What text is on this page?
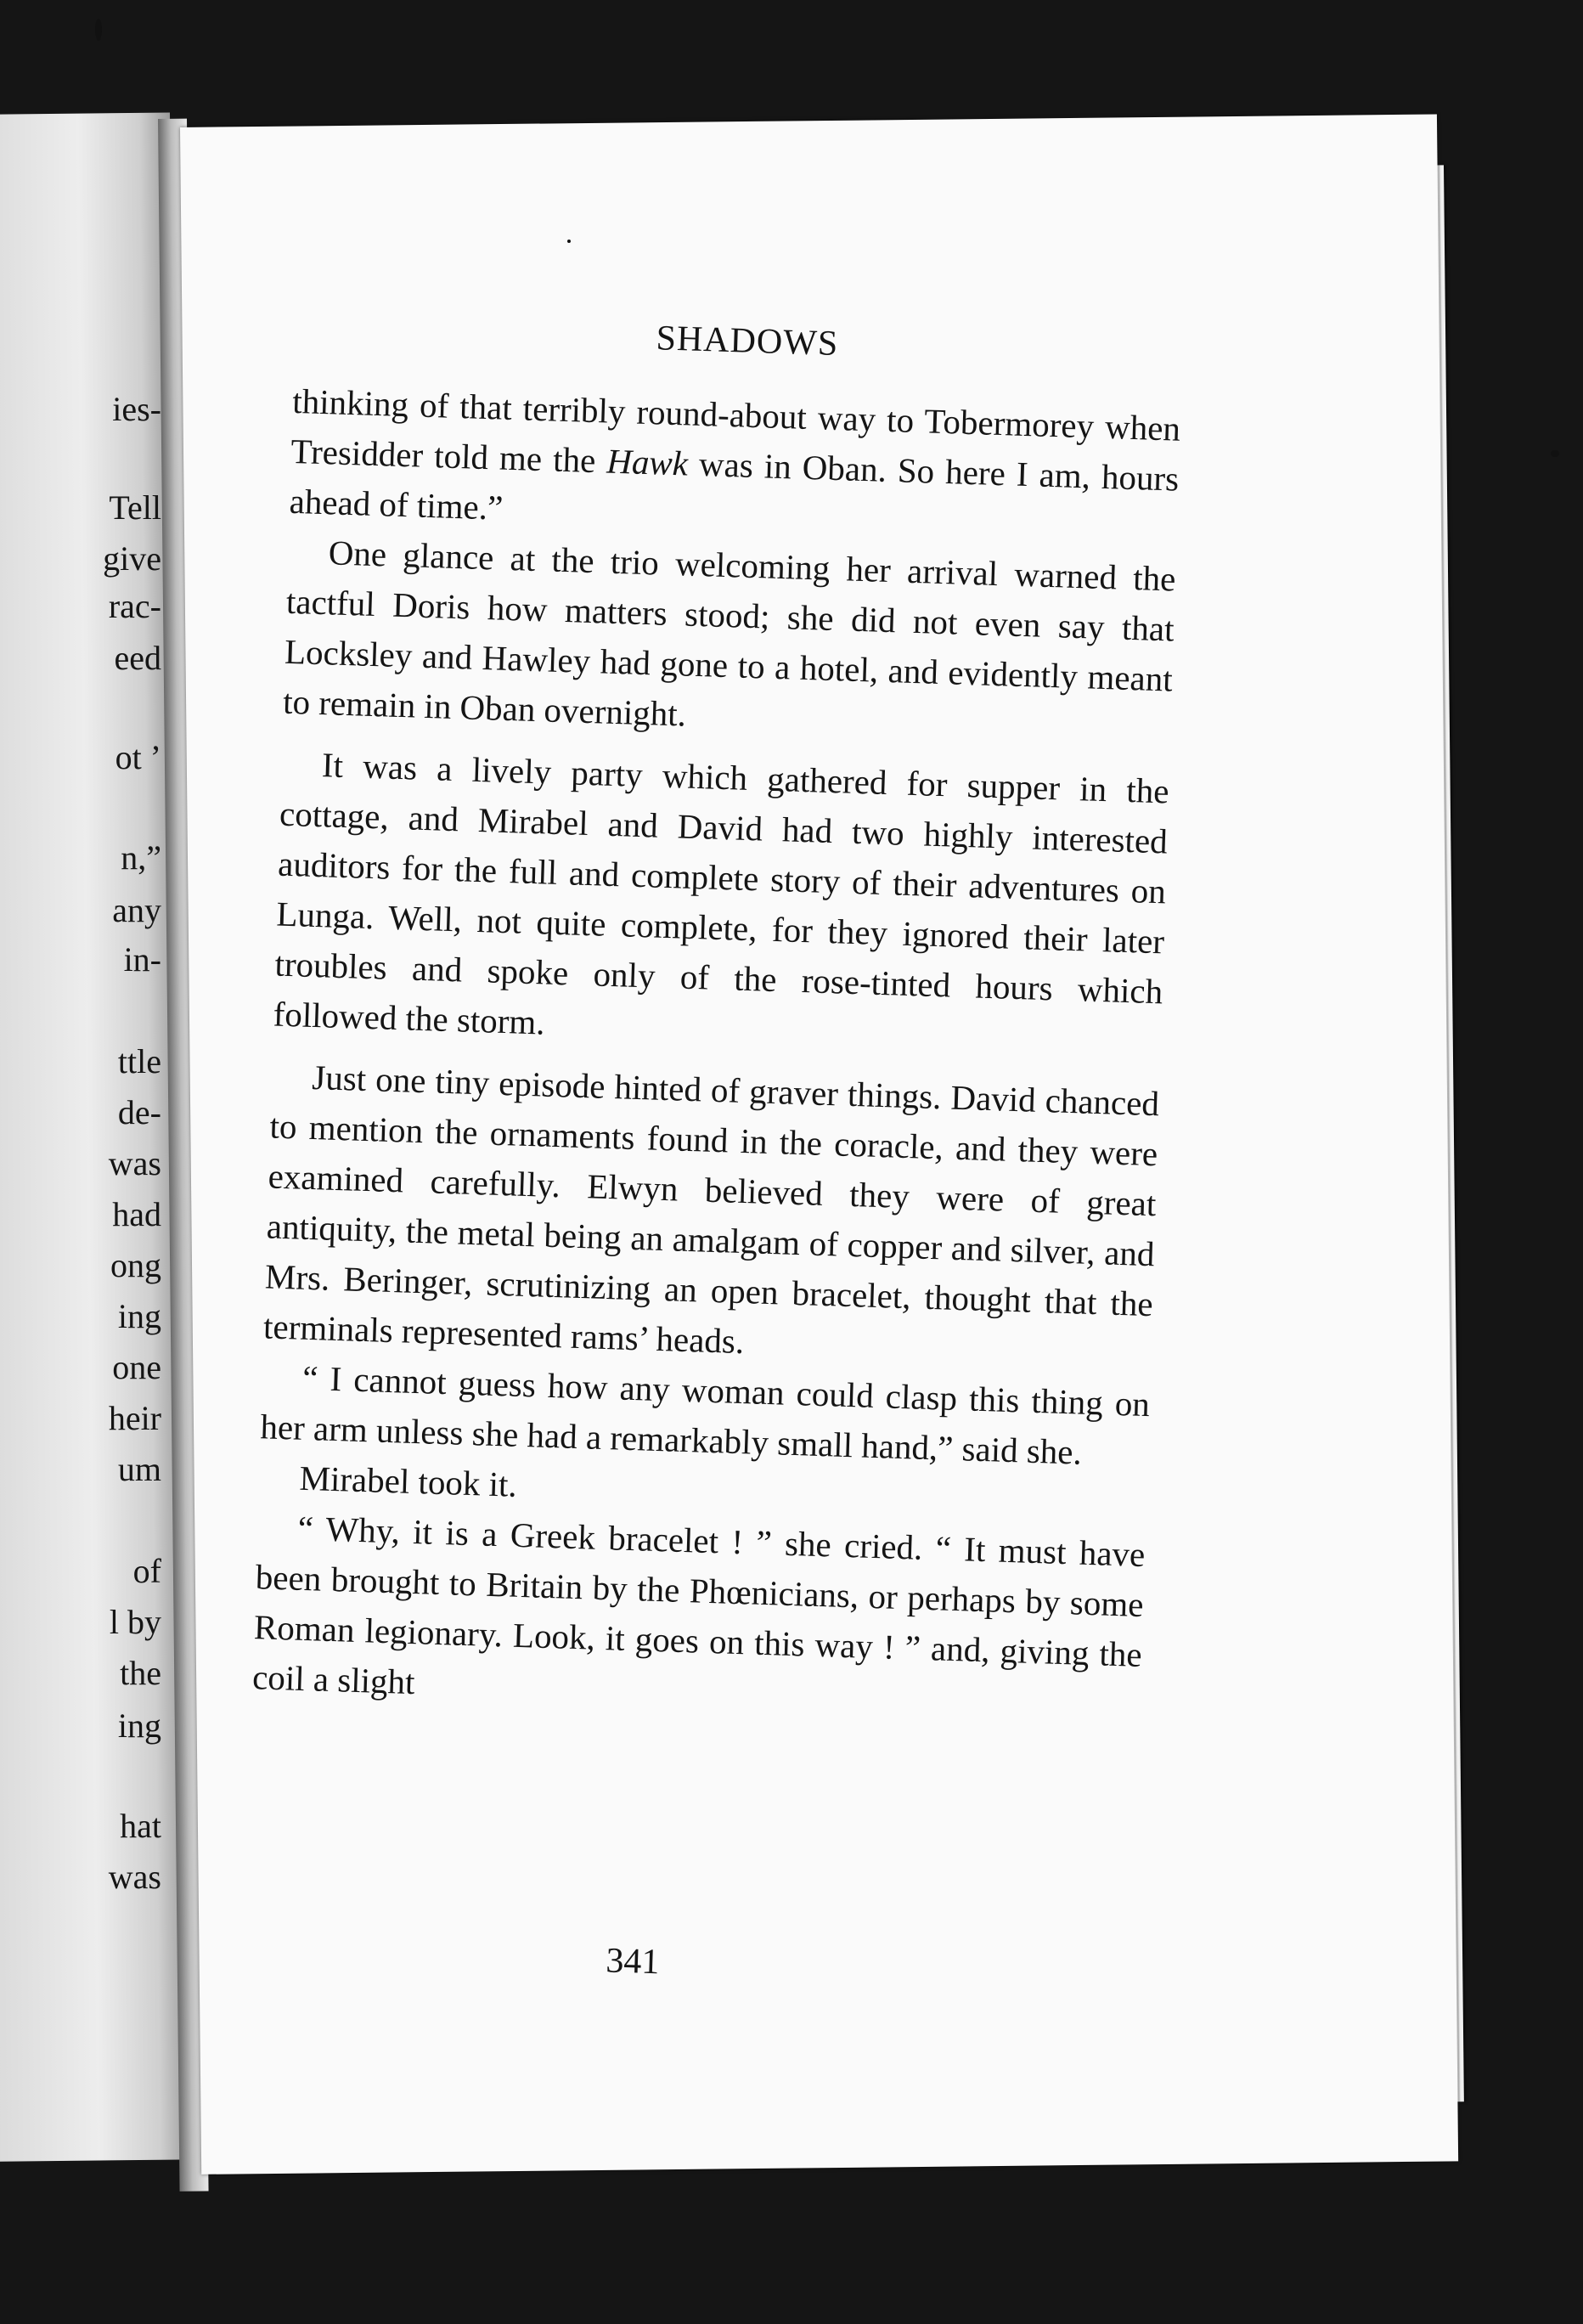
ies-
Tell
give
rac-
eed
ot ’
n,”
any
in-
ttle
de-
was
had
ong
ing
one
heir
um
of
l by
the
ing
hat
was
SHADOWS

thinking of that terribly round-about way to Tobermorey when Tresidder told me the Hawk was in Oban. So here I am, hours ahead of time.”

One glance at the trio welcoming her arrival warned the tactful Doris how matters stood; she did not even say that Locksley and Hawley had gone to a hotel, and evidently meant to remain in Oban overnight.

It was a lively party which gathered for supper in the cottage, and Mirabel and David had two highly interested auditors for the full and complete story of their adventures on Lunga. Well, not quite complete, for they ignored their later troubles and spoke only of the rose-tinted hours which followed the storm.

Just one tiny episode hinted of graver things. David chanced to mention the ornaments found in the coracle, and they were examined carefully. Elwyn believed they were of great antiquity, the metal being an amalgam of copper and silver, and Mrs. Beringer, scrutinizing an open bracelet, thought that the terminals represented rams’ heads.

“ I cannot guess how any woman could clasp this thing on her arm unless she had a remarkably small hand,” said she.

Mirabel took it.

“ Why, it is a Greek bracelet ! ” she cried. “ It must have been brought to Britain by the Phœnicians, or perhaps by some Roman legionary. Look, it goes on this way ! ” and, giving the coil a slight

341
